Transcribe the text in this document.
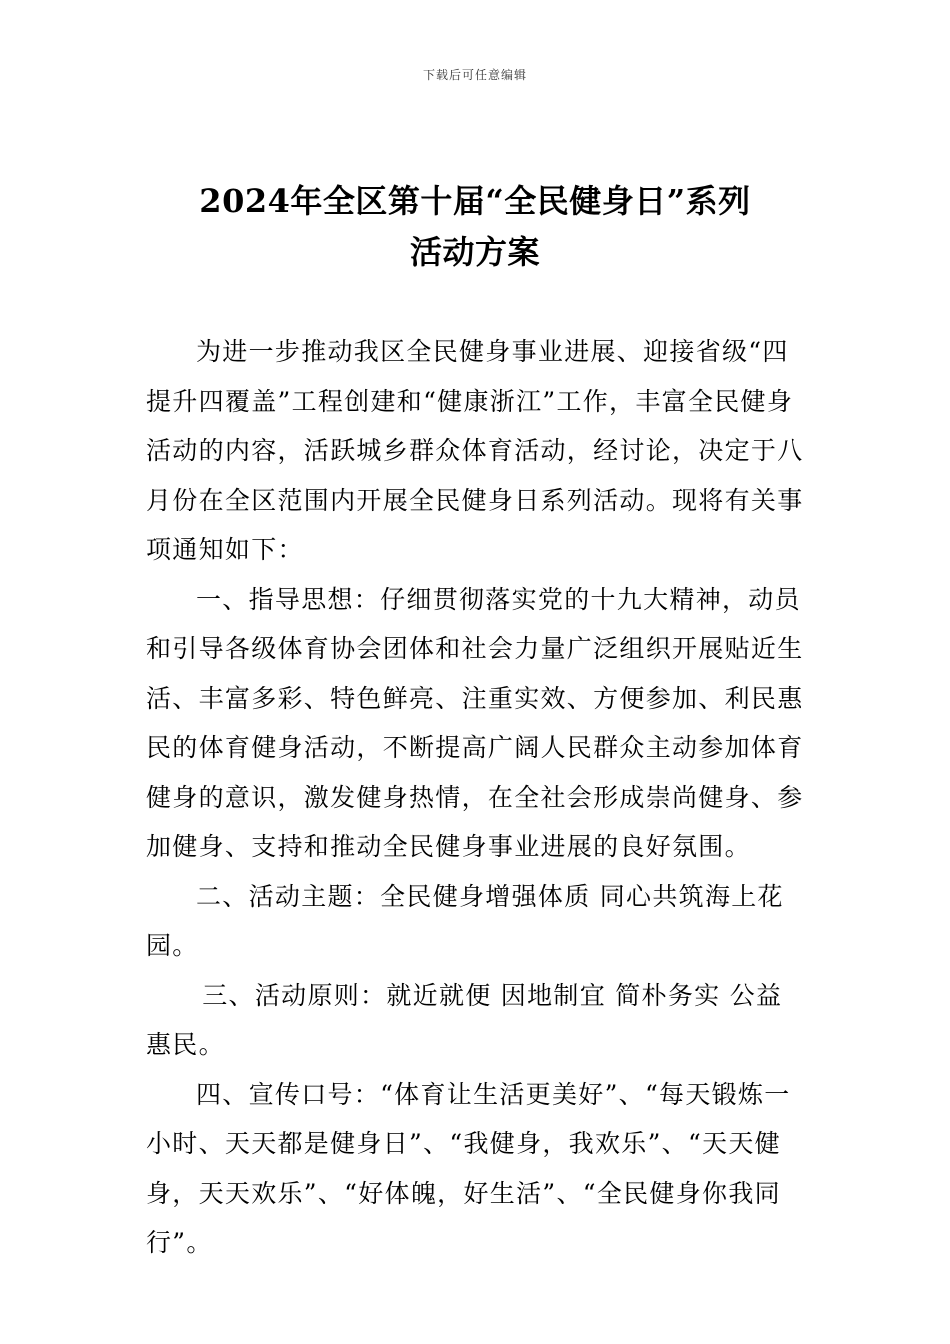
下载后可任意编辑
2024年全区第十届“全民健身日”系列
活动方案

为进一步推动我区全民健身事业进展、迎接省级“四提升四覆盖”工程创建和“健康浙江”工作，丰富全民健身活动的内容，活跃城乡群众体育活动，经讨论，决定于八月份在全区范围内开展全民健身日系列活动。现将有关事项通知如下：

一、指导思想：仔细贯彻落实党的十九大精神，动员和引导各级体育协会团体和社会力量广泛组织开展贴近生活、丰富多彩、特色鲜亮、注重实效、方便参加、利民惠民的体育健身活动，不断提高广阔人民群众主动参加体育健身的意识，激发健身热情，在全社会形成崇尚健身、参加健身、支持和推动全民健身事业进展的良好氛围。

二、活动主题：全民健身增强体质 同心共筑海上花园。

三、活动原则：就近就便 因地制宜 简朴务实 公益惠民。

四、宣传口号：“体育让生活更美好”、“每天锻炼一小时、天天都是健身日”、“我健身，我欢乐”、“天天健身，天天欢乐”、“好体魄，好生活”、“全民健身你我同行”。
